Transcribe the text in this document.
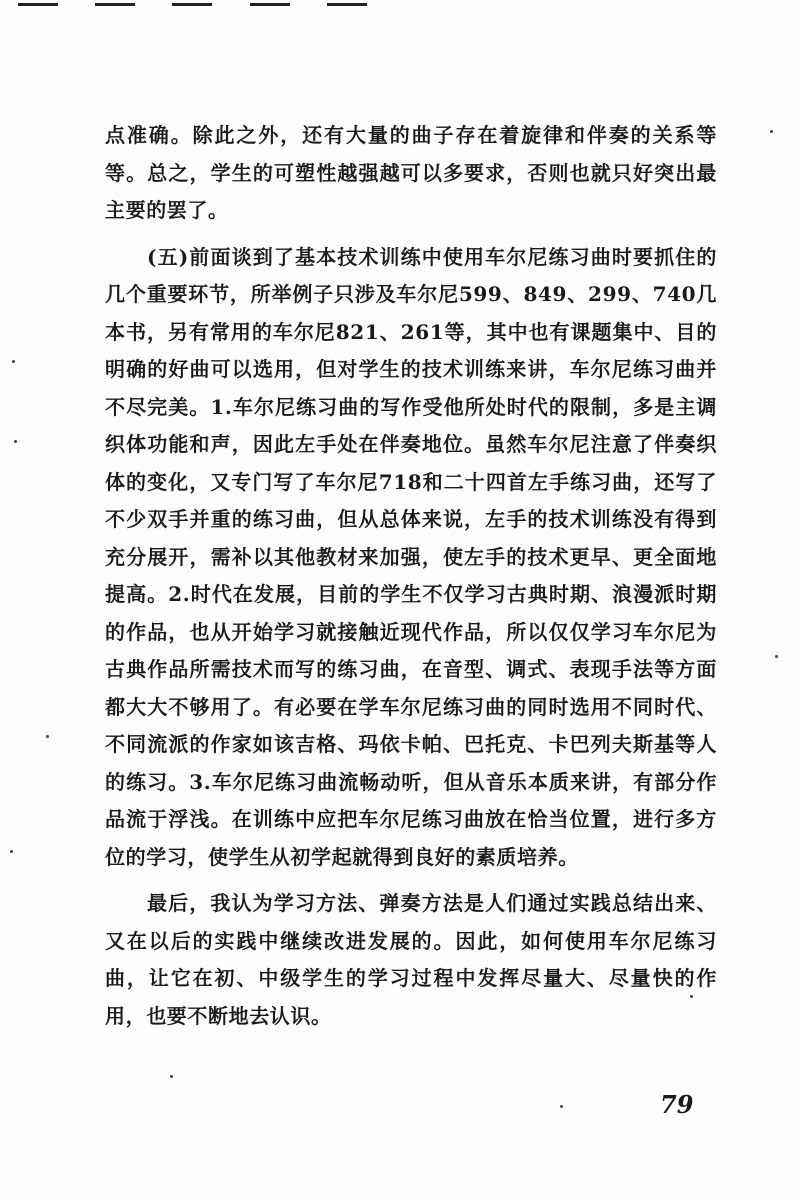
点准确。除此之外，还有大量的曲子存在着旋律和伴奏的关系等等。总之，学生的可塑性越强越可以多要求，否则也就只好突出最主要的罢了。

(五)前面谈到了基本技术训练中使用车尔尼练习曲时要抓住的几个重要环节，所举例子只涉及车尔尼599、849、299、740几本书，另有常用的车尔尼821、261等，其中也有课题集中、目的明确的好曲可以选用，但对学生的技术训练来讲，车尔尼练习曲并不尽完美。1.车尔尼练习曲的写作受他所处时代的限制，多是主调织体功能和声，因此左手处在伴奏地位。虽然车尔尼注意了伴奏织体的变化，又专门写了车尔尼718和二十四首左手练习曲，还写了不少双手并重的练习曲，但从总体来说，左手的技术训练没有得到充分展开，需补以其他教材来加强，使左手的技术更早、更全面地提高。2.时代在发展，目前的学生不仅学习古典时期、浪漫派时期的作品，也从开始学习就接触近现代作品，所以仅仅学习车尔尼为古典作品所需技术而写的练习曲，在音型、调式、表现手法等方面都大大不够用了。有必要在学车尔尼练习曲的同时选用不同时代、不同流派的作家如该吉格、玛依卡帕、巴托克、卡巴列夫斯基等人的练习。3.车尔尼练习曲流畅动听，但从音乐本质来讲，有部分作品流于浮浅。在训练中应把车尔尼练习曲放在恰当位置，进行多方位的学习，使学生从初学起就得到良好的素质培养。

最后，我认为学习方法、弹奏方法是人们通过实践总结出来、又在以后的实践中继续改进发展的。因此，如何使用车尔尼练习曲，让它在初、中级学生的学习过程中发挥尽量大、尽量快的作用，也要不断地去认识。

79
